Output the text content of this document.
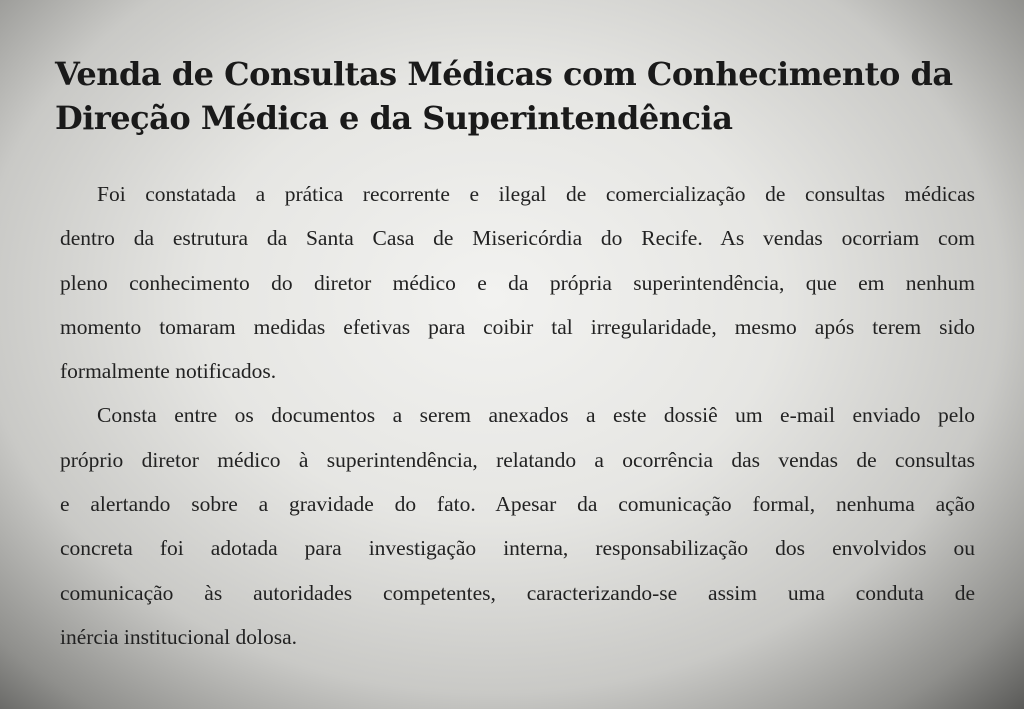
Venda de Consultas Médicas com Conhecimento da
Direção Médica e da Superintendência

Foi constatada a prática recorrente e ilegal de comercialização de consultas médicas
dentro da estrutura da Santa Casa de Misericórdia do Recife. As vendas ocorriam com
pleno conhecimento do diretor médico e da própria superintendência, que em nenhum
momento tomaram medidas efetivas para coibir tal irregularidade, mesmo após terem sido
formalmente notificados.

Consta entre os documentos a serem anexados a este dossiê um e-mail enviado pelo
próprio diretor médico à superintendência, relatando a ocorrência das vendas de consultas
e alertando sobre a gravidade do fato. Apesar da comunicação formal, nenhuma ação
concreta foi adotada para investigação interna, responsabilização dos envolvidos ou
comunicação às autoridades competentes, caracterizando-se assim uma conduta de
inércia institucional dolosa.
